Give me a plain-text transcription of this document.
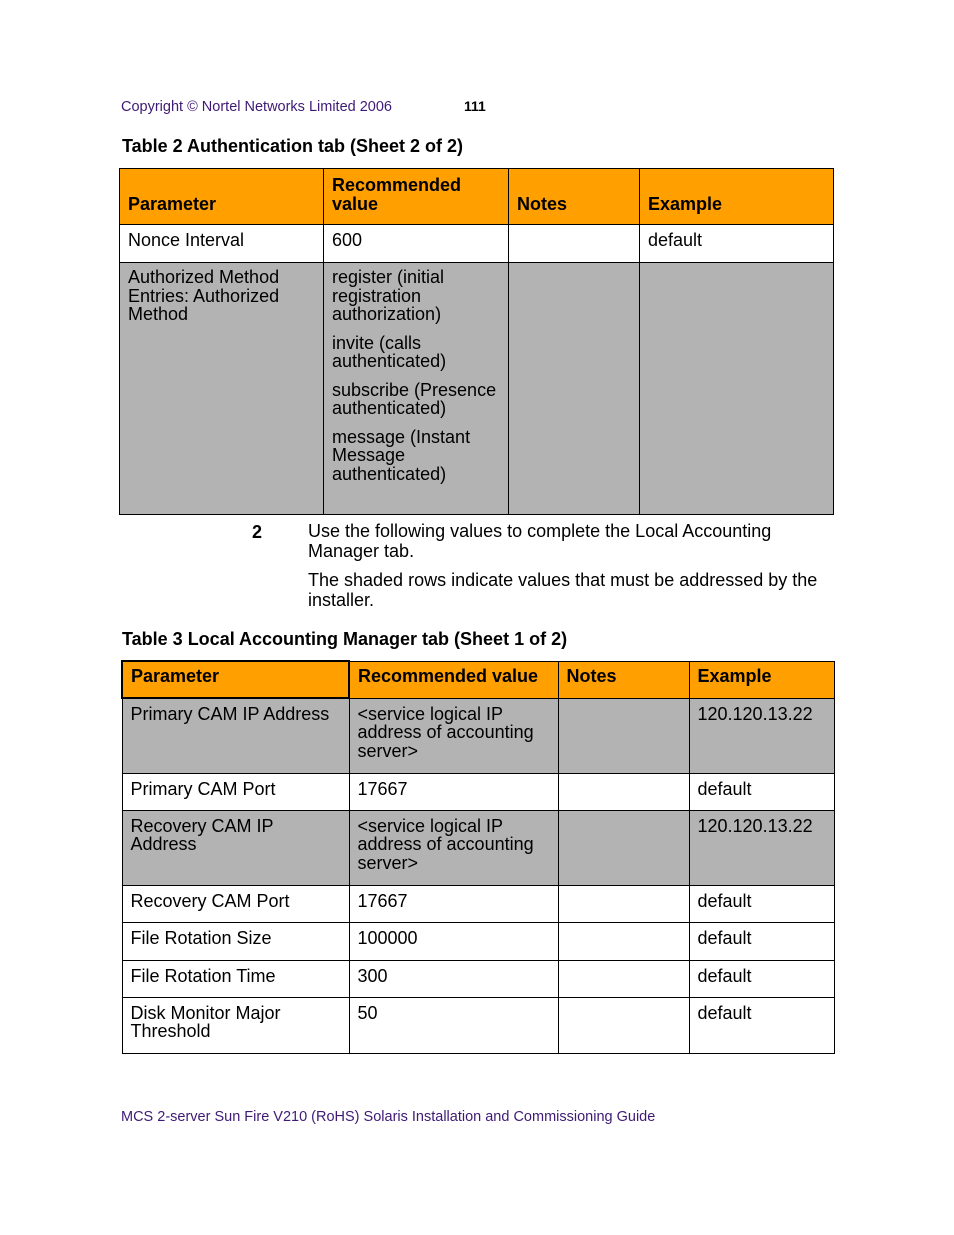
Copyright © Nortel Networks Limited 2006	111
Table 2 Authentication tab (Sheet 2 of 2)
Parameter	Recommended value	Notes	Example
Nonce Interval	600		default
Authorized Method Entries: Authorized Method	register (initial registration authorization)

invite (calls authenticated)

subscribe (Presence authenticated)

message (Instant Message authenticated)		

2	Use the following values to complete the Local Accounting Manager tab.

The shaded rows indicate values that must be addressed by the installer.

Table 3 Local Accounting Manager tab (Sheet 1 of 2)
Parameter	Recommended value	Notes	Example
Primary CAM IP Address	<service logical IP address of accounting server>		120.120.13.22
Primary CAM Port	17667		default
Recovery CAM IP Address	<service logical IP address of accounting server>		120.120.13.22
Recovery CAM Port	17667		default
File Rotation Size	100000		default
File Rotation Time	300		default
Disk Monitor Major Threshold	50		default
MCS 2-server Sun Fire V210 (RoHS) Solaris Installation and Commissioning Guide
